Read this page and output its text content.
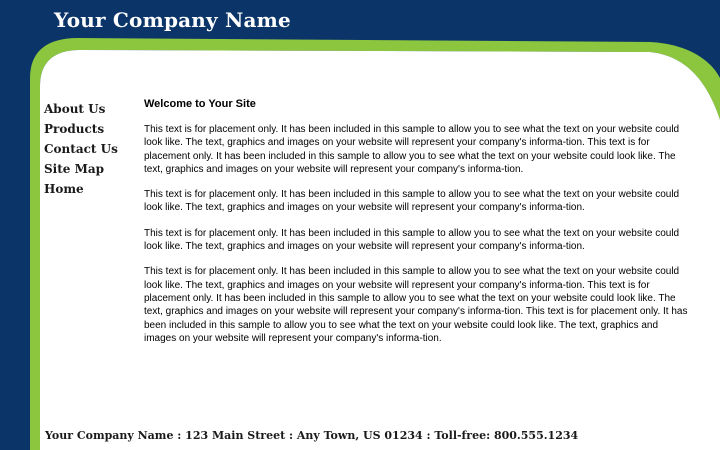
Your Company Name
About Us
Products
Contact Us
Site Map
Home
Welcome to Your Site

This text is for placement only. It has been included in this sample to allow you to see what the text on your website could look like. The text, graphics and images on your website will represent your company's informa-tion. This text is for placement only. It has been included in this sample to allow you to see what the text on your website could look like. The text, graphics and images on your website will represent your company's informa-tion.

This text is for placement only. It has been included in this sample to allow you to see what the text on your website could look like. The text, graphics and images on your website will represent your company's informa-tion.

This text is for placement only. It has been included in this sample to allow you to see what the text on your website could look like. The text, graphics and images on your website will represent your company's informa-tion.

This text is for placement only. It has been included in this sample to allow you to see what the text on your website could look like. The text, graphics and images on your website will represent your company's informa-tion. This text is for placement only. It has been included in this sample to allow you to see what the text on your website could look like. The text, graphics and images on your website will represent your company's informa-tion. This text is for placement only. It has been included in this sample to allow you to see what the text on your website could look like. The text, graphics and images on your website will represent your company's informa-tion.

Your Company Name : 123 Main Street : Any Town, US 01234 : Toll-free: 800.555.1234
